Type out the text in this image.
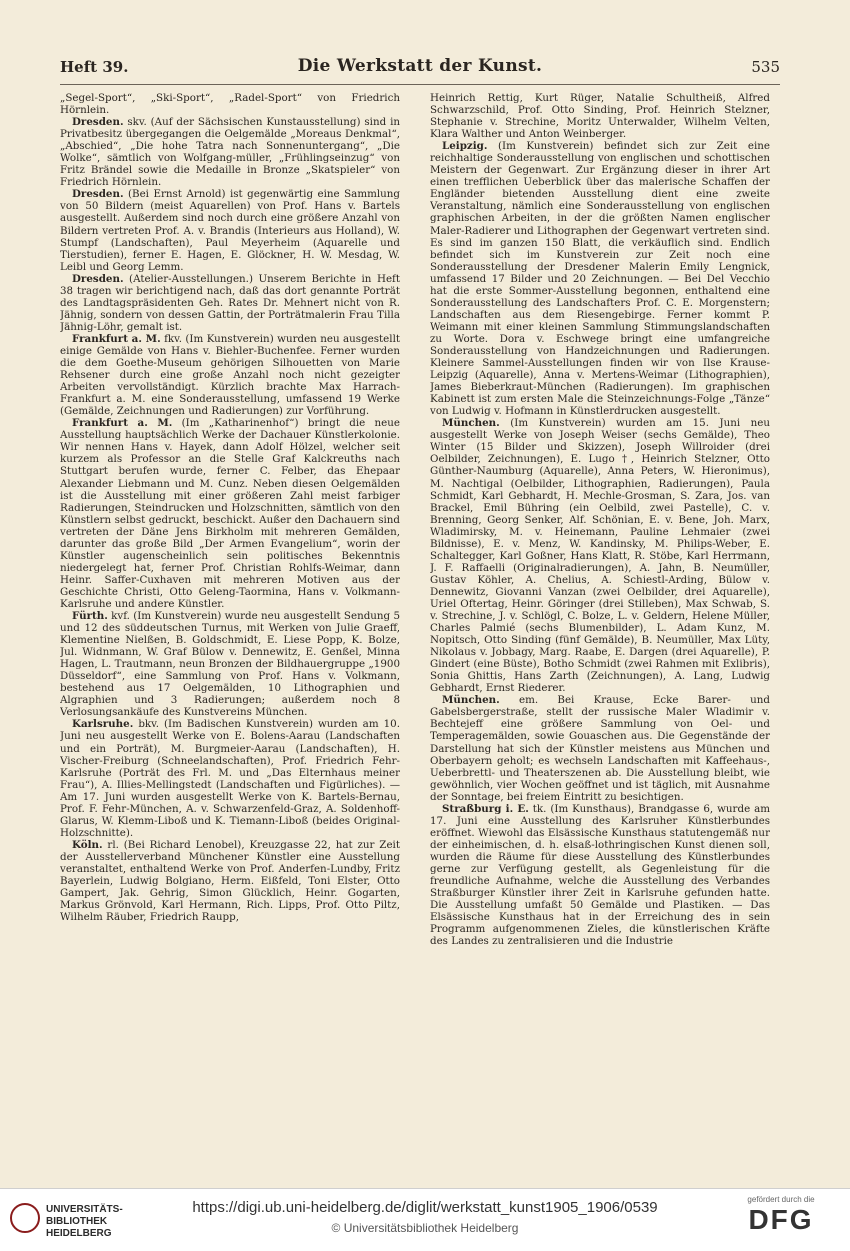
Heft 39.	Die Werkstatt der Kunst.	535

„Segel-Sport“, „Ski-Sport“, „Radel-Sport“ von Friedrich Hörnlein.

Dresden. skv. (Auf der Sächsischen Kunstausstellung) sind in Privatbesitz übergegangen die Oelgemälde „Moreaus Denkmal“, „Abschied“, „Die hohe Tatra nach Sonnenuntergang“, „Die Wolke“, sämtlich von Wolfgang-müller, „Frühlingseinzug“ von Fritz Brändel sowie die Medaille in Bronze „Skatspieler“ von Friedrich Hörnlein.

Dresden. (Bei Ernst Arnold) ist gegenwärtig eine Sammlung von 50 Bildern (meist Aquarellen) von Prof. Hans v. Bartels ausgestellt. Außerdem sind noch durch eine größere Anzahl von Bildern vertreten Prof. A. v. Brandis (Interieurs aus Holland), W. Stumpf (Landschaften), Paul Meyerheim (Aquarelle und Tierstudien), ferner E. Hagen, E. Glöckner, H. W. Mesdag, W. Leibl und Georg Lemm.

Dresden. (Atelier-Ausstellungen.) Unserem Berichte in Heft 38 tragen wir berichtigend nach, daß das dort genannte Porträt des Landtagspräsidenten Geh. Rates Dr. Mehnert nicht von R. Jähnig, sondern von dessen Gattin, der Porträtmalerin Frau Tilla Jähnig-Löhr, gemalt ist.

Frankfurt a. M. fkv. (Im Kunstverein) wurden neu ausgestellt einige Gemälde von Hans v. Biehler-Buchenfee. Ferner wurden die dem Goethe-Museum gehörigen Silhouetten von Marie Rehsener durch eine große Anzahl noch nicht gezeigter Arbeiten vervollständigt. Kürzlich brachte Max Harrach-Frankfurt a. M. eine Sonderausstellung, umfassend 19 Werke (Gemälde, Zeichnungen und Radierungen) zur Vorführung.

Frankfurt a. M. (Im „Katharinenhof“) bringt die neue Ausstellung hauptsächlich Werke der Dachauer Künstlerkolonie. Wir nennen Hans v. Hayek, dann Adolf Hölzel, welcher seit kurzem als Professor an die Stelle Graf Kalckreuths nach Stuttgart berufen wurde, ferner C. Felber, das Ehepaar Alexander Liebmann und M. Cunz. Neben diesen Oelgemälden ist die Ausstellung mit einer größeren Zahl meist farbiger Radierungen, Steindrucken und Holzschnitten, sämtlich von den Künstlern selbst gedruckt, beschickt. Außer den Dachauern sind vertreten der Däne Jens Birkholm mit mehreren Gemälden, darunter das große Bild „Der Armen Evangelium“, worin der Künstler augenscheinlich sein politisches Bekenntnis niedergelegt hat, ferner Prof. Christian Rohlfs-Weimar, dann Heinr. Saffer-Cuxhaven mit mehreren Motiven aus der Geschichte Christi, Otto Geleng-Taormina, Hans v. Volkmann-Karlsruhe und andere Künstler.

Fürth. kvf. (Im Kunstverein) wurde neu ausgestellt Sendung 5 und 12 des süddeutschen Turnus, mit Werken von Julie Graeff, Klementine Nielßen, B. Goldschmidt, E. Liese Popp, K. Bolze, Jul. Widnmann, W. Graf Bülow v. Dennewitz, E. Genßel, Minna Hagen, L. Trautmann, neun Bronzen der Bildhauergruppe „1900 Düsseldorf“, eine Sammlung von Prof. Hans v. Volkmann, bestehend aus 17 Oelgemälden, 10 Lithographien und Algraphien und 3 Radierungen; außerdem noch 8 Verlosungsankäufe des Kunstvereins München.

Karlsruhe. bkv. (Im Badischen Kunstverein) wurden am 10. Juni neu ausgestellt Werke von E. Bolens-Aarau (Landschaften und ein Porträt), M. Burgmeier-Aarau (Landschaften), H. Vischer-Freiburg (Schneelandschaften), Prof. Friedrich Fehr-Karlsruhe (Porträt des Frl. M. und „Das Elternhaus meiner Frau“), A. Illies-Mellingstedt (Landschaften und Figürliches). — Am 17. Juni wurden ausgestellt Werke von K. Bartels-Bernau, Prof. F. Fehr-München, A. v. Schwarzenfeld-Graz, A. Soldenhoff-Glarus, W. Klemm-Liboß und K. Tiemann-Liboß (beides Original-Holzschnitte).

Köln. rl. (Bei Richard Lenobel), Kreuzgasse 22, hat zur Zeit der Ausstellerverband Münchener Künstler eine Ausstellung veranstaltet, enthaltend Werke von Prof. Anderfen-Lundby, Fritz Bayerlein, Ludwig Bolgiano, Herm. Eißfeld, Toni Elster, Otto Gampert, Jak. Gehrig, Simon Glücklich, Heinr. Gogarten, Markus Grönvold, Karl Hermann, Rich. Lipps, Prof. Otto Piltz, Wilhelm Räuber, Friedrich Raupp,

Heinrich Rettig, Kurt Rüger, Natalie Schultheiß, Alfred Schwarzschild, Prof. Otto Sinding, Prof. Heinrich Stelzner, Stephanie v. Strechine, Moritz Unterwalder, Wilhelm Velten, Klara Walther und Anton Weinberger.

Leipzig. (Im Kunstverein) befindet sich zur Zeit eine reichhaltige Sonderausstellung von englischen und schottischen Meistern der Gegenwart. Zur Ergänzung dieser in ihrer Art einen trefflichen Ueberblick über das malerische Schaffen der Engländer bietenden Ausstellung dient eine zweite Veranstaltung, nämlich eine Sonderausstellung von englischen graphischen Arbeiten, in der die größten Namen englischer Maler-Radierer und Lithographen der Gegenwart vertreten sind. Es sind im ganzen 150 Blatt, die verkäuflich sind. Endlich befindet sich im Kunstverein zur Zeit noch eine Sonderausstellung der Dresdener Malerin Emily Lengnick, umfassend 17 Bilder und 20 Zeichnungen. — Bei Del Vecchio hat die erste Sommer-Ausstellung begonnen, enthaltend eine Sonderausstellung des Landschafters Prof. C. E. Morgenstern; Landschaften aus dem Riesengebirge. Ferner kommt P. Weimann mit einer kleinen Sammlung Stimmungslandschaften zu Worte. Dora v. Eschwege bringt eine umfangreiche Sonderausstellung von Handzeichnungen und Radierungen. Kleinere Sammel-Ausstellungen finden wir von Ilse Krause-Leipzig (Aquarelle), Anna v. Mertens-Weimar (Lithographien), James Bieberkraut-München (Radierungen). Im graphischen Kabinett ist zum ersten Male die Steinzeichnungs-Folge „Tänze“ von Ludwig v. Hofmann in Künstlerdrucken ausgestellt.

München. (Im Kunstverein) wurden am 15. Juni neu ausgestellt Werke von Joseph Weiser (sechs Gemälde), Theo Winter (15 Bilder und Skizzen), Joseph Willroider (drei Oelbilder, Zeichnungen), E. Lugo †, Heinrich Stelzner, Otto Günther-Naumburg (Aquarelle), Anna Peters, W. Hieronimus), M. Nachtigal (Oelbilder, Lithographien, Radierungen), Paula Schmidt, Karl Gebhardt, H. Mechle-Grosman, S. Zara, Jos. van Brackel, Emil Bühring (ein Oelbild, zwei Pastelle), C. v. Brenning, Georg Senker, Alf. Schönian, E. v. Bene, Joh. Marx, Wladimirsky, M. v. Heinemann, Pauline Lehmaier (zwei Bildnisse), E. v. Menz, W. Kandinsky, M. Philips-Weber, E. Schaltegger, Karl Goßner, Hans Klatt, R. Stöbe, Karl Herrmann, J. F. Raffaelli (Originalradierungen), A. Jahn, B. Neumüller, Gustav Köhler, A. Chelius, A. Schiestl-Arding, Bülow v. Dennewitz, Giovanni Vanzan (zwei Oelbilder, drei Aquarelle), Uriel Oftertag, Heinr. Göringer (drei Stilleben), Max Schwab, S. v. Strechine, J. v. Schlögl, C. Bolze, L. v. Geldern, Helene Müller, Charles Palmié (sechs Blumenbilder), L. Adam Kunz, M. Nopitsch, Otto Sinding (fünf Gemälde), B. Neumüller, Max Lüty, Nikolaus v. Jobbagy, Marg. Raabe, E. Dargen (drei Aquarelle), P. Gindert (eine Büste), Botho Schmidt (zwei Rahmen mit Exlibris), Sonia Ghittis, Hans Zarth (Zeichnungen), A. Lang, Ludwig Gebhardt, Ernst Riederer.

München. em. Bei Krause, Ecke Barer- und Gabelsbergerstraße, stellt der russische Maler Wladimir v. Bechtejeff eine größere Sammlung von Oel- und Temperagemälden, sowie Gouaschen aus. Die Gegenstände der Darstellung hat sich der Künstler meistens aus München und Oberbayern geholt; es wechseln Landschaften mit Kaffeehaus-, Ueberbrettl- und Theaterszenen ab. Die Ausstellung bleibt, wie gewöhnlich, vier Wochen geöffnet und ist täglich, mit Ausnahme der Sonntage, bei freiem Eintritt zu besichtigen.

Straßburg i. E. tk. (Im Kunsthaus), Brandgasse 6, wurde am 17. Juni eine Ausstellung des Karlsruher Künstlerbundes eröffnet. Wiewohl das Elsässische Kunsthaus statutengemäß nur der einheimischen, d. h. elsaß-lothringischen Kunst dienen soll, wurden die Räume für diese Ausstellung des Künstlerbundes gerne zur Verfügung gestellt, als Gegenleistung für die freundliche Aufnahme, welche die Ausstellung des Verbandes Straßburger Künstler ihrer Zeit in Karlsruhe gefunden hatte. Die Ausstellung umfaßt 50 Gemälde und Plastiken. — Das Elsässische Kunsthaus hat in der Erreichung des in sein Programm aufgenommenen Zieles, die künstlerischen Kräfte des Landes zu zentralisieren und die Industrie

UNIVERSITÄTS-BIBLIOTHEK HEIDELBERG
https://digi.ub.uni-heidelberg.de/diglit/werkstatt_kunst1905_1906/0539
© Universitätsbibliothek Heidelberg
gefördert durch die
DFG
